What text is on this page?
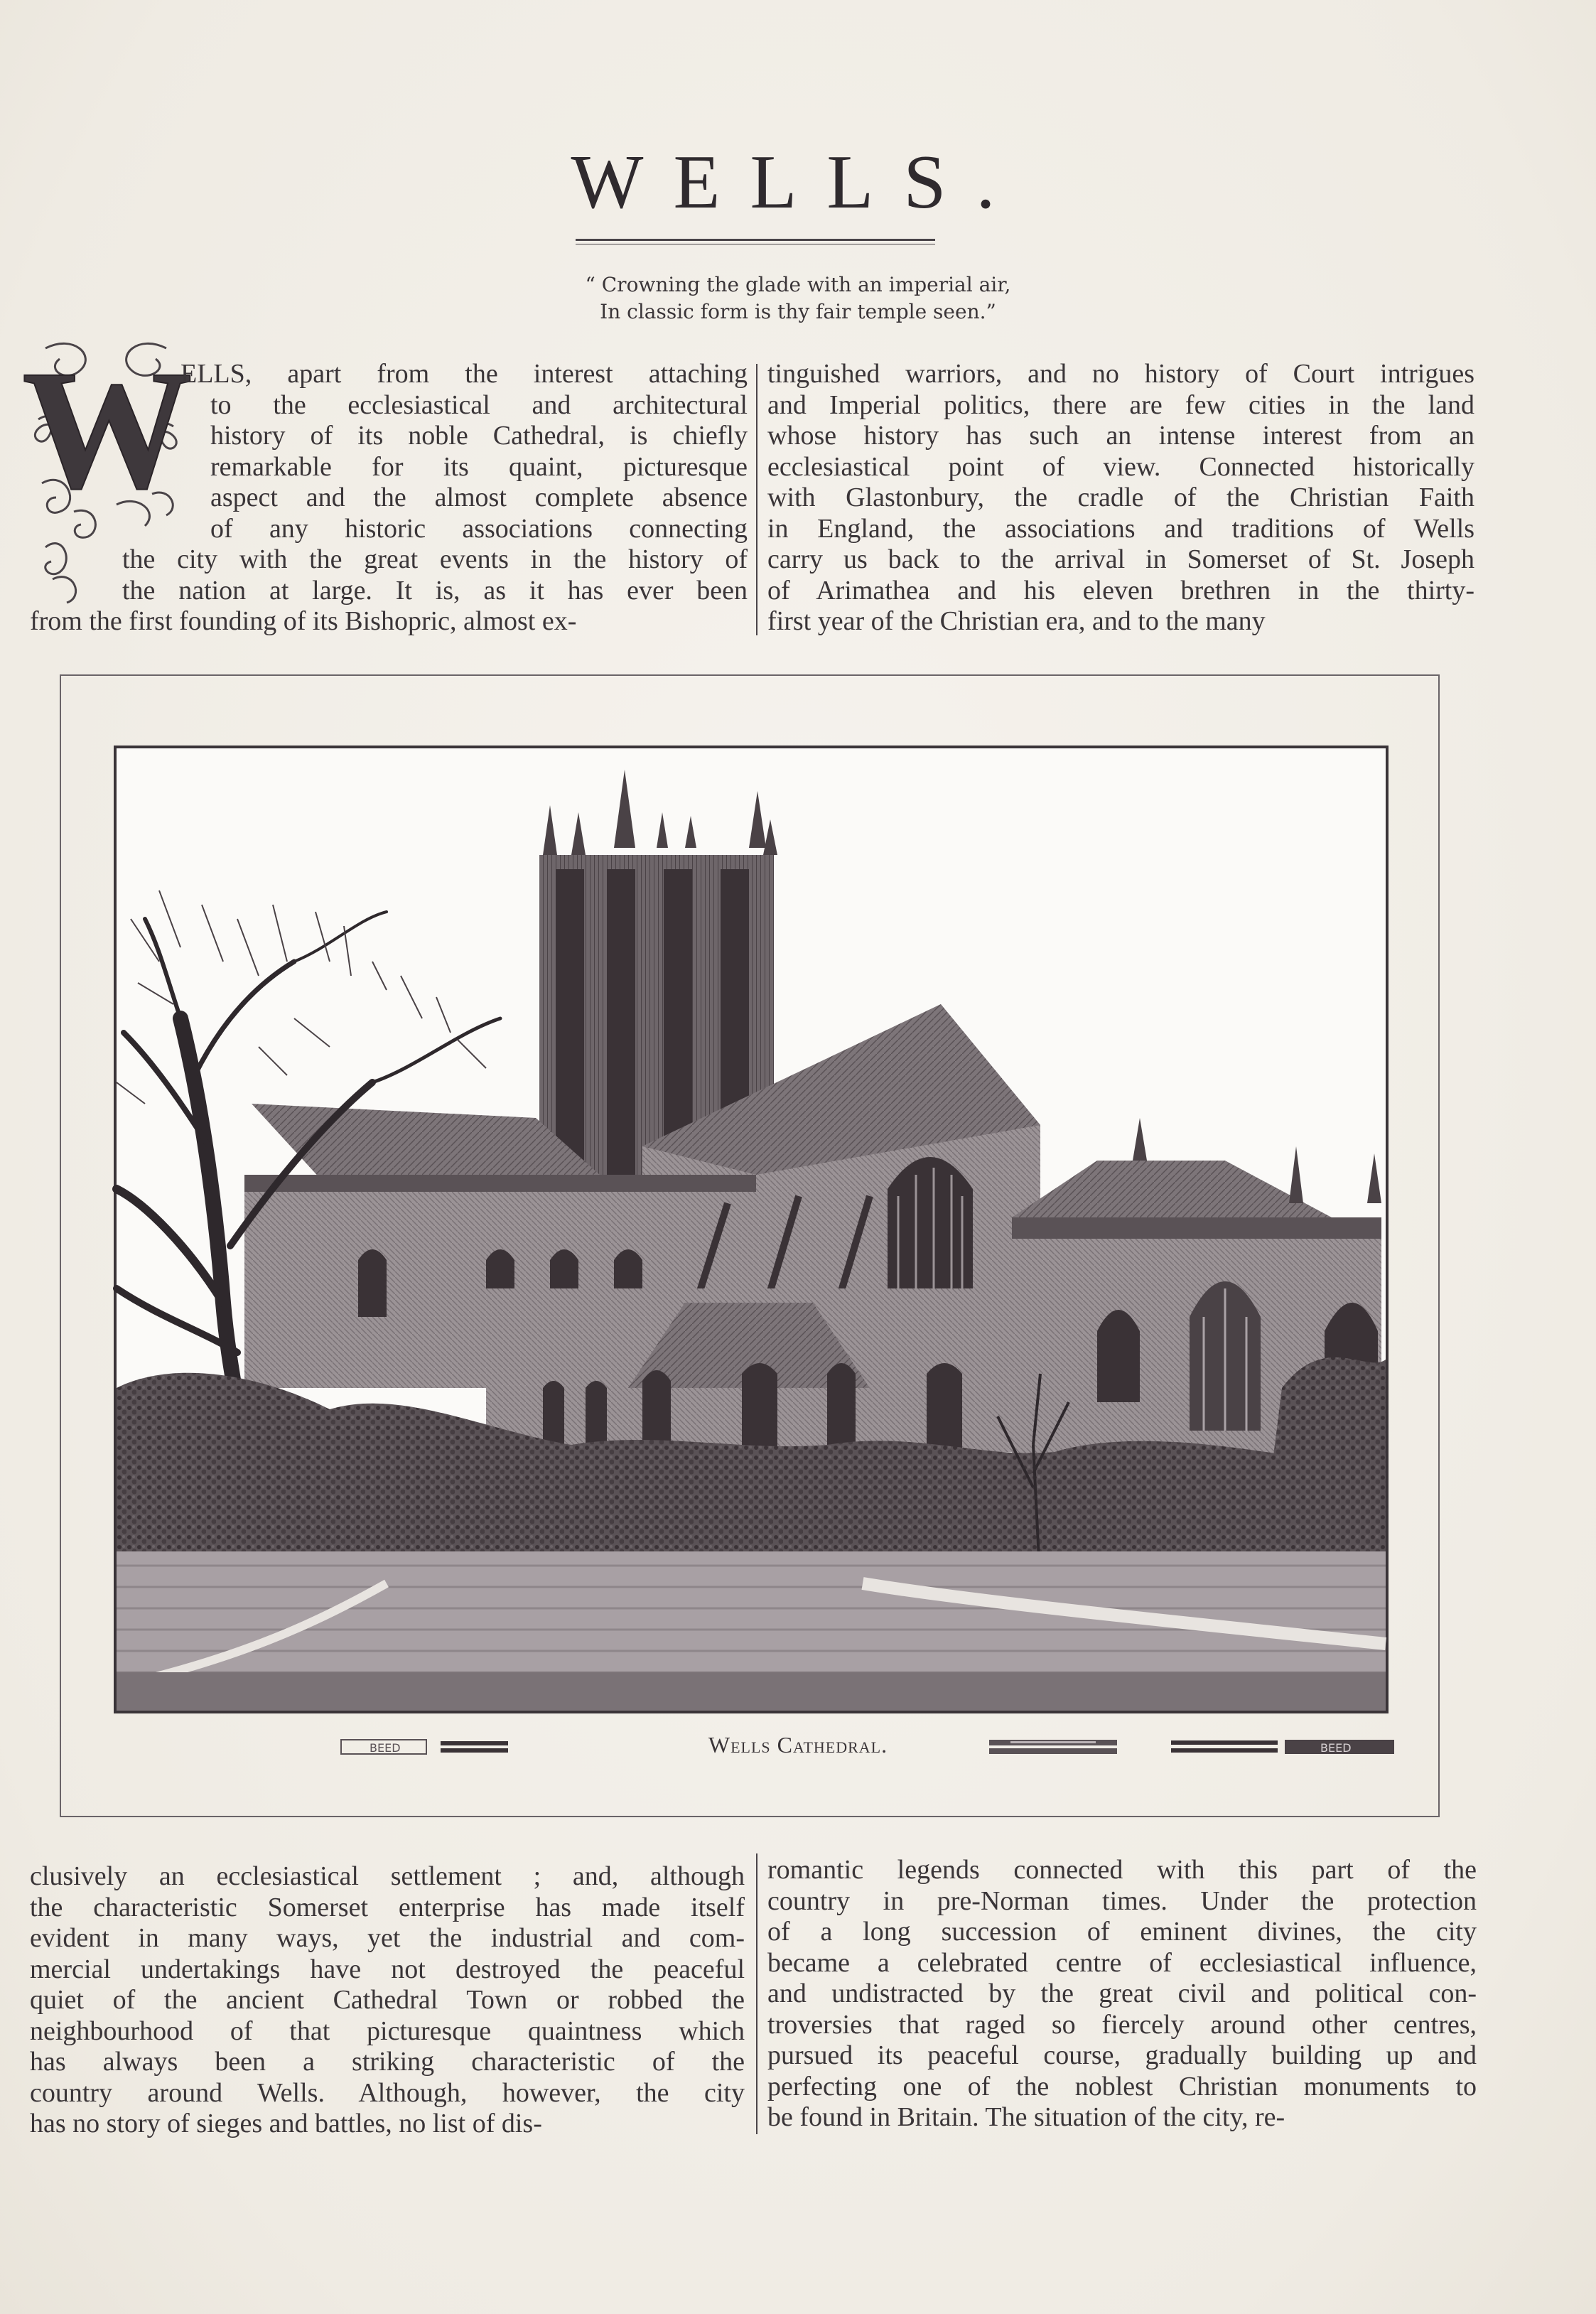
WELLS.
“ Crowning the glade with an imperial air,
In classic form is thy fair temple seen.”
W
ELLS, apart from the interest attaching
to the ecclesiastical and architectural
history of its noble Cathedral, is chiefly
remarkable for its quaint, picturesque
aspect and the almost complete absence
of any historic associations connecting
the city with the great events in the history of
the nation at large. It is, as it has ever been
from the first founding of its Bishopric, almost ex-
tinguished warriors, and no history of Court intrigues
and Imperial politics, there are few cities in the land
whose history has such an intense interest from an
ecclesiastical point of view. Connected historically
with Glastonbury, the cradle of the Christian Faith
in England, the associations and traditions of Wells
carry us back to the arrival in Somerset of St. Joseph
of Arimathea and his eleven brethren in the thirty-
first year of the Christian era, and to the many
BEED	Wells Cathedral.	BEED
clusively an ecclesiastical settlement ; and, although
the characteristic Somerset enterprise has made itself
evident in many ways, yet the industrial and com-
mercial undertakings have not destroyed the peaceful
quiet of the ancient Cathedral Town or robbed the
neighbourhood of that picturesque quaintness which
has always been a striking characteristic of the
country around Wells. Although, however, the city
has no story of sieges and battles, no list of dis-
romantic legends connected with this part of the
country in pre-Norman times. Under the protection
of a long succession of eminent divines, the city
became a celebrated centre of ecclesiastical influence,
and undistracted by the great civil and political con-
troversies that raged so fiercely around other centres,
pursued its peaceful course, gradually building up and
perfecting one of the noblest Christian monuments to
be found in Britain. The situation of the city, re-
